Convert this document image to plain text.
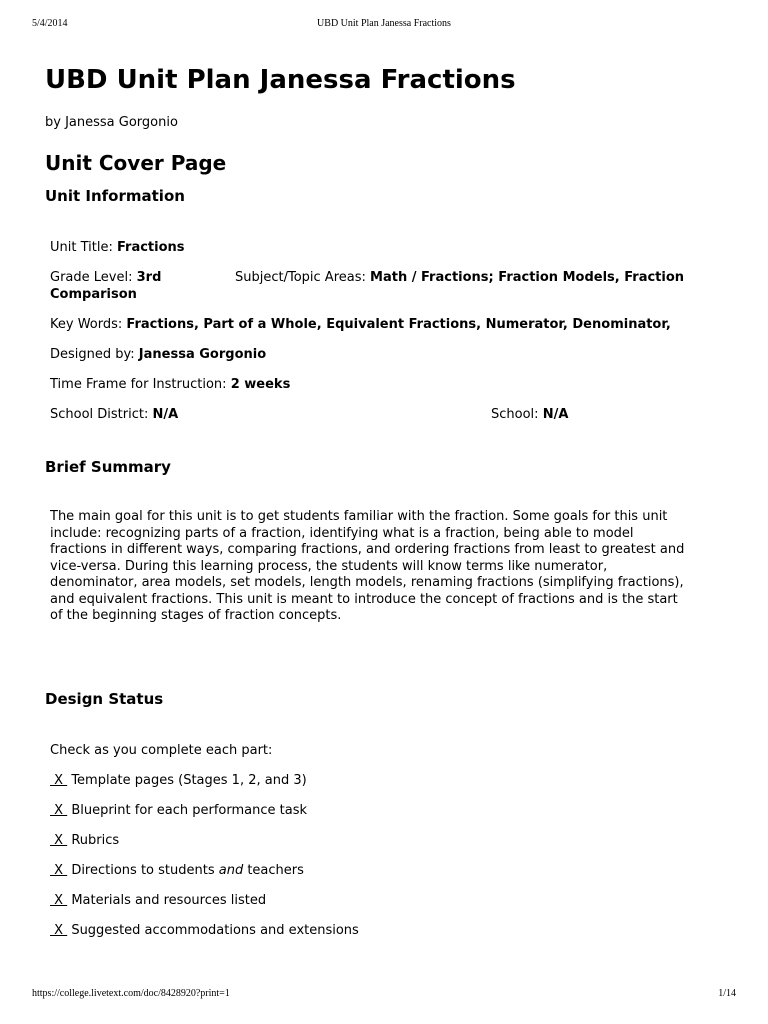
5/4/2014	UBD Unit Plan Janessa Fractions
UBD Unit Plan Janessa Fractions
by Janessa Gorgonio
Unit Cover Page
Unit Information
Unit Title: Fractions
Grade Level: 3rd	Subject/Topic Areas: Math / Fractions; Fraction Models, Fraction
Comparison
Key Words: Fractions, Part of a Whole, Equivalent Fractions, Numerator, Denominator,
Designed by: Janessa Gorgonio
Time Frame for Instruction: 2 weeks
School District: N/A	School: N/A
Brief Summary
The main goal for this unit is to get students familiar with the fraction. Some goals for this unit
include: recognizing parts of a fraction, identifying what is a fraction, being able to model
fractions in different ways, comparing fractions, and ordering fractions from least to greatest and
vice-versa. During this learning process, the students will know terms like numerator,
denominator, area models, set models, length models, renaming fractions (simplifying fractions),
and equivalent fractions. This unit is meant to introduce the concept of fractions and is the start
of the beginning stages of fraction concepts.
Design Status
Check as you complete each part:
X  Template pages (Stages 1, 2, and 3)
X  Blueprint for each performance task
X  Rubrics
X  Directions to students and teachers
X  Materials and resources listed
X  Suggested accommodations and extensions
https://college.livetext.com/doc/8428920?print=1	1/14
